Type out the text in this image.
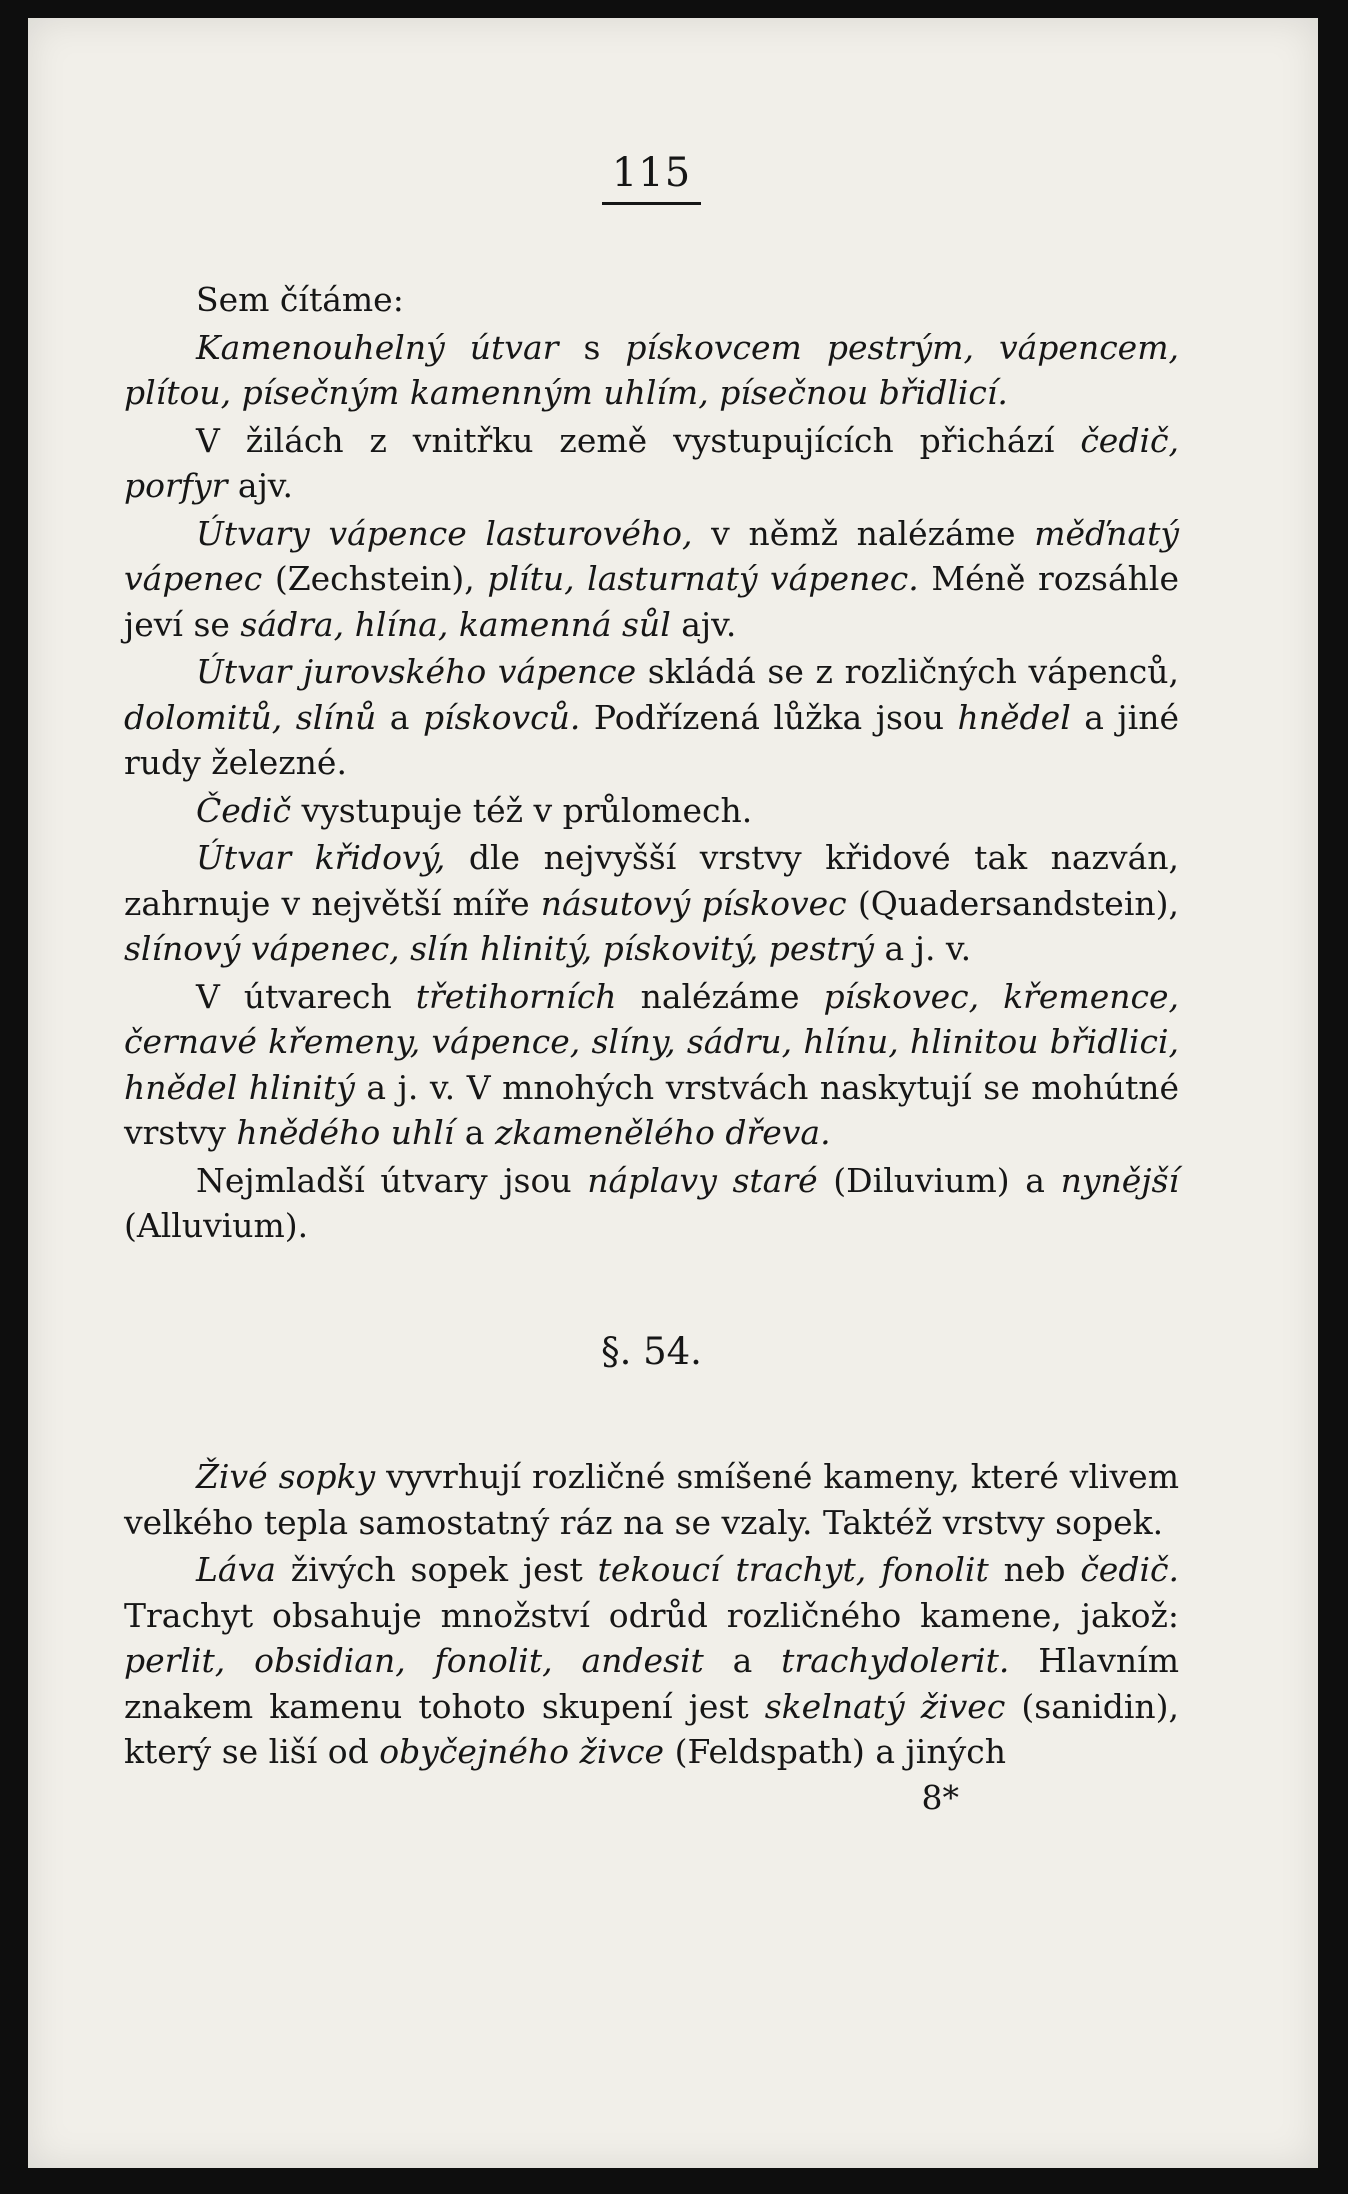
115

Sem čítáme:

Kamenouhelný útvar s pískovcem pestrým, vápencem, plítou, písečným kamenným uhlím, písečnou břidlicí.

V žilách z vnitřku země vystupujících přichází čedič, porfyr ajv.

Útvary vápence lasturového, v němž nalézáme měďnatý vápenec (Zechstein), plítu, lasturnatý vápenec. Méně rozsáhle jeví se sádra, hlína, kamenná sůl ajv.

Útvar jurovského vápence skládá se z rozličných vápenců, dolomitů, slínů a pískovců. Podřízená lůžka jsou hnědel a jiné rudy železné.

Čedič vystupuje též v průlomech.

Útvar křidový, dle nejvyšší vrstvy křidové tak nazván, zahrnuje v největší míře násutový pískovec (Quadersandstein), slínový vápenec, slín hlinitý, pískovitý, pestrý a j. v.

V útvarech třetihorních nalézáme pískovec, křemence, černavé křemeny, vápence, slíny, sádru, hlínu, hlinitou břidlici, hnědel hlinitý a j. v. V mnohých vrstvách naskytují se mohútné vrstvy hnědého uhlí a zkamenělého dřeva.

Nejmladší útvary jsou náplavy staré (Diluvium) a nynější (Alluvium).

§. 54.

Živé sopky vyvrhují rozličné smíšené kameny, které vlivem velkého tepla samostatný ráz na se vzaly. Taktéž vrstvy sopek.

Láva živých sopek jest tekoucí trachyt, fonolit neb čedič. Trachyt obsahuje množství odrůd rozličného kamene, jakož: perlit, obsidian, fonolit, andesit a trachydolerit. Hlavním znakem kamenu tohoto skupení jest skelnatý živec (sanidin), který se liší od obyčejného živce (Feldspath) a jiných

8*
